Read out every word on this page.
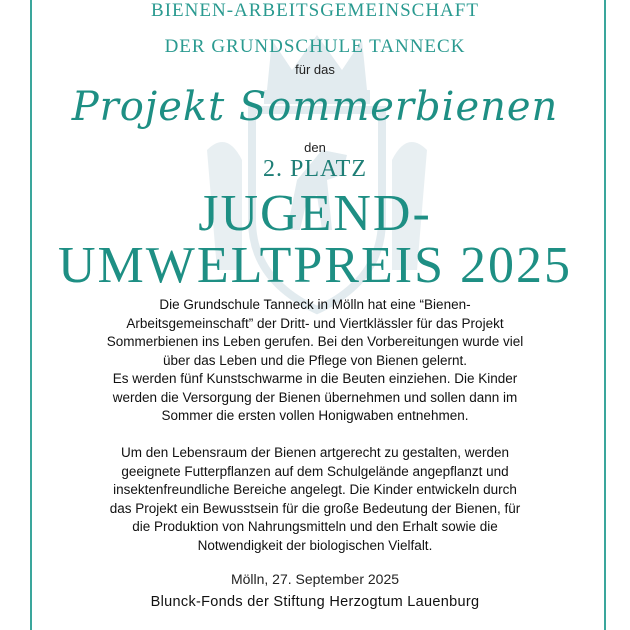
BIENEN-ARBEITSGEMEINSCHAFT
DER GRUNDSCHULE TANNECK
für das
Projekt Sommerbienen
den
2. PLATZ
JUGEND-
UMWELTPREIS 2025
Die Grundschule Tanneck in Mölln hat eine “Bienen-
Arbeitsgemeinschaft” der Dritt- und Viertklässler für das Projekt
Sommerbienen ins Leben gerufen. Bei den Vorbereitungen wurde viel
über das Leben und die Pflege von Bienen gelernt.
Es werden fünf Kunstschwarme in die Beuten einziehen. Die Kinder
werden die Versorgung der Bienen übernehmen und sollen dann im
Sommer die ersten vollen Honigwaben entnehmen.
Um den Lebensraum der Bienen artgerecht zu gestalten, werden
geeignete Futterpflanzen auf dem Schulgelände angepflanzt und
insektenfreundliche Bereiche angelegt. Die Kinder entwickeln durch
das Projekt ein Bewusstsein für die große Bedeutung der Bienen, für
die Produktion von Nahrungsmitteln und den Erhalt sowie die
Notwendigkeit der biologischen Vielfalt.
Mölln, 27. September 2025
Blunck-Fonds der Stiftung Herzogtum Lauenburg
